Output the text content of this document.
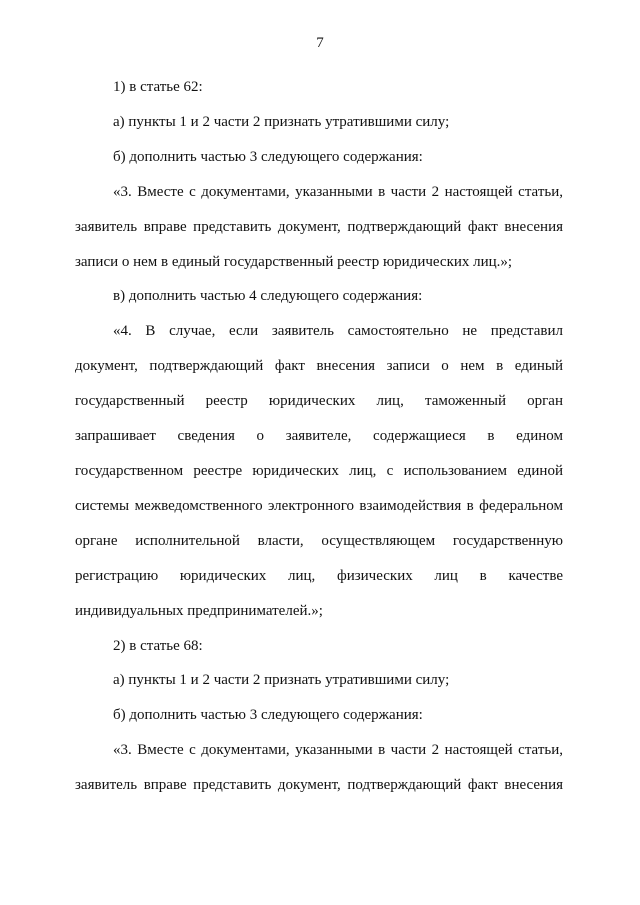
7
1) в статье 62:
а) пункты 1 и 2 части 2 признать утратившими силу;
б) дополнить частью 3 следующего содержания:
«3. Вместе с документами, указанными в части 2 настоящей статьи,
заявитель вправе представить документ, подтверждающий факт внесения
записи о нем в единый государственный реестр юридических лиц.»;
в) дополнить частью 4 следующего содержания:
«4. В случае, если заявитель самостоятельно не представил
документ, подтверждающий факт внесения записи о нем в единый
государственный реестр юридических лиц, таможенный орган
запрашивает сведения о заявителе, содержащиеся в едином
государственном реестре юридических лиц, с использованием единой
системы межведомственного электронного взаимодействия в федеральном
органе исполнительной власти, осуществляющем государственную
регистрацию юридических лиц, физических лиц в качестве
индивидуальных предпринимателей.»;
2) в статье 68:
а) пункты 1 и 2 части 2 признать утратившими силу;
б) дополнить частью 3 следующего содержания:
«3. Вместе с документами, указанными в части 2 настоящей статьи,
заявитель вправе представить документ, подтверждающий факт внесения
